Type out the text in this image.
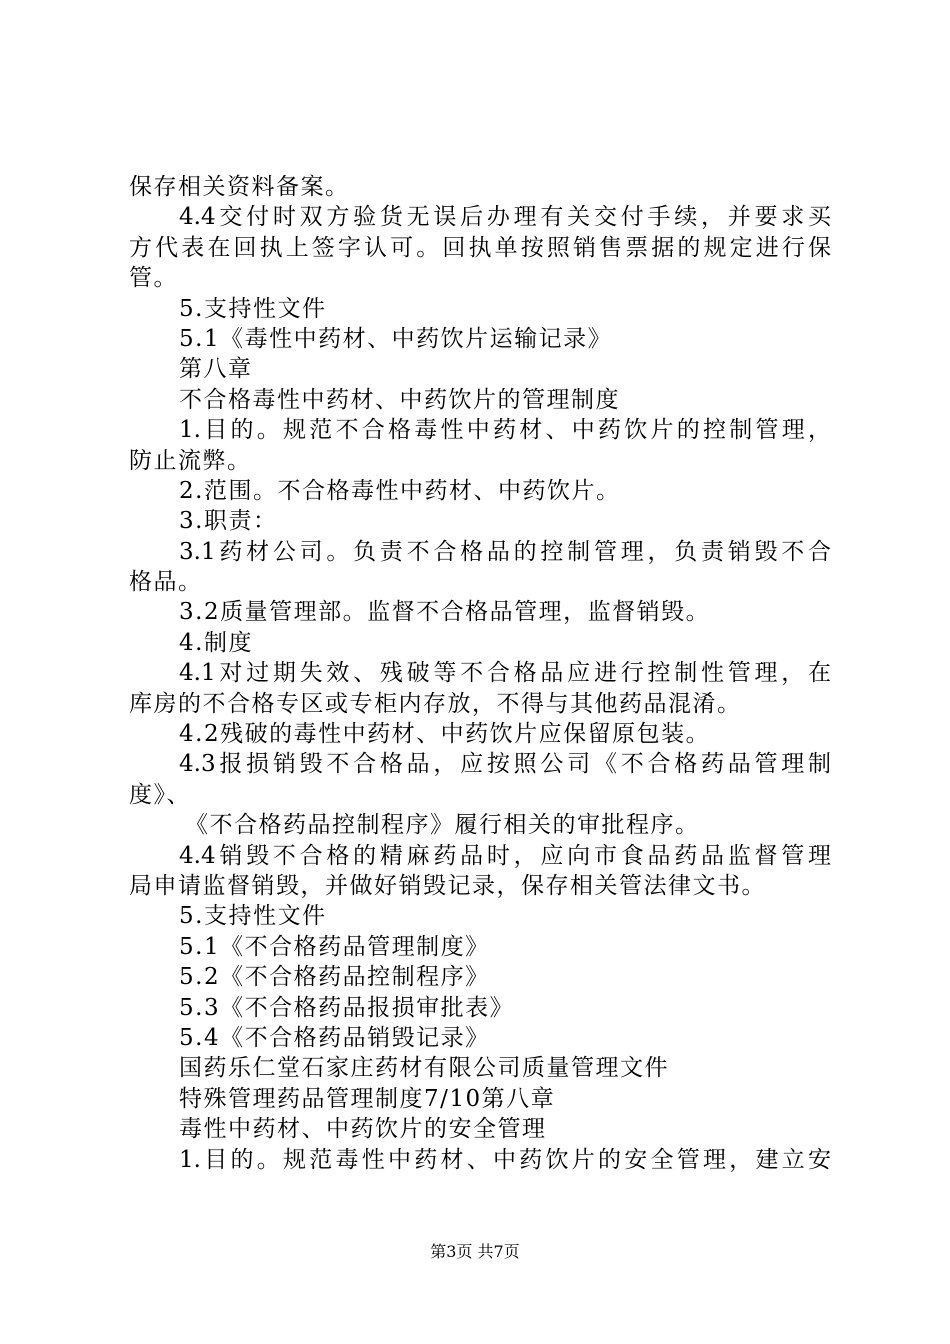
保存相关资料备案。
4.4交付时双方验货无误后办理有关交付手续，并要求买
方代表在回执上签字认可。回执单按照销售票据的规定进行保
管。
5.支持性文件
5.1《毒性中药材、中药饮片运输记录》
第八章
不合格毒性中药材、中药饮片的管理制度
1.目的。规范不合格毒性中药材、中药饮片的控制管理，
防止流弊。
2.范围。不合格毒性中药材、中药饮片。
3.职责：
3.1药材公司。负责不合格品的控制管理，负责销毁不合
格品。
3.2质量管理部。监督不合格品管理，监督销毁。
4.制度
4.1对过期失效、残破等不合格品应进行控制性管理，在
库房的不合格专区或专柜内存放，不得与其他药品混淆。
4.2残破的毒性中药材、中药饮片应保留原包装。
4.3报损销毁不合格品，应按照公司《不合格药品管理制
度》、
《不合格药品控制程序》履行相关的审批程序。
4.4销毁不合格的精麻药品时，应向市食品药品监督管理
局申请监督销毁，并做好销毁记录，保存相关管法律文书。
5.支持性文件
5.1《不合格药品管理制度》
5.2《不合格药品控制程序》
5.3《不合格药品报损审批表》
5.4《不合格药品销毁记录》
国药乐仁堂石家庄药材有限公司质量管理文件
特殊管理药品管理制度7/10第八章
毒性中药材、中药饮片的安全管理
1.目的。规范毒性中药材、中药饮片的安全管理，建立安
第3页 共7页
